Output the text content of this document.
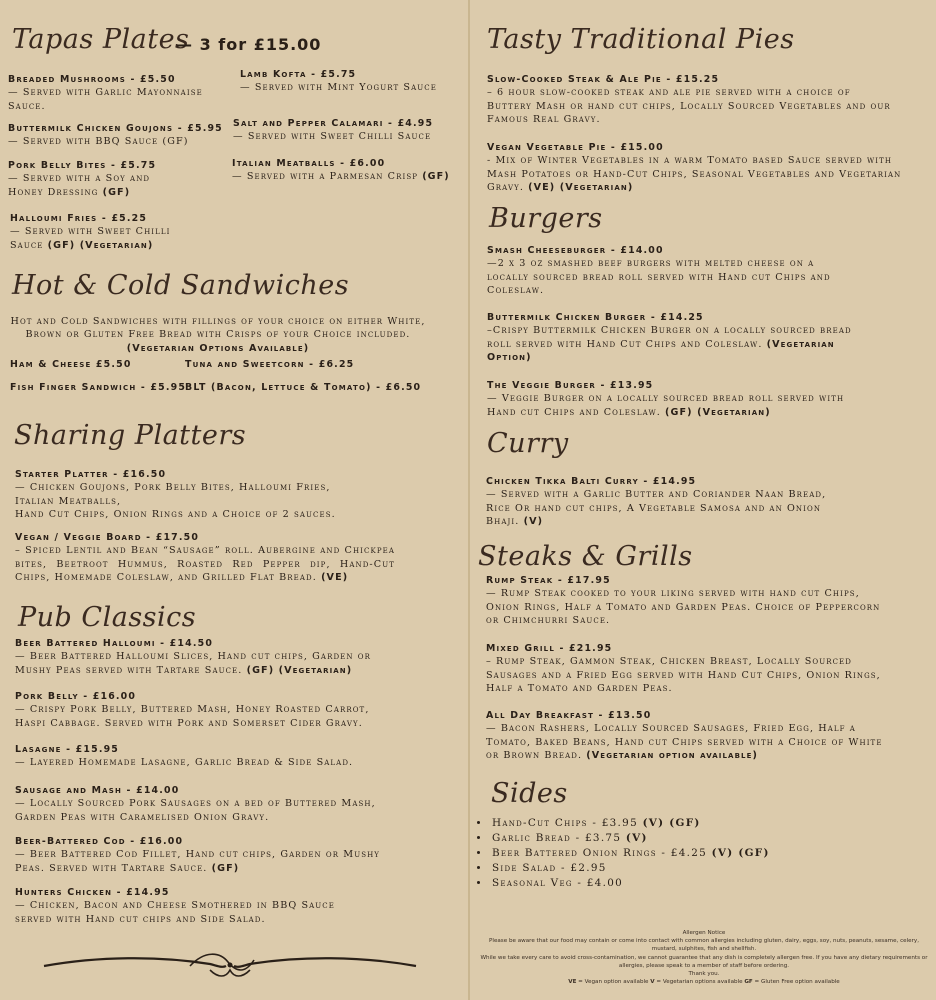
Tapas Plates
— 3 for £15.00
Breaded Mushrooms - £5.50
— Served with Garlic Mayonnaise Sauce.
Buttermilk Chicken Goujons - £5.95
— Served with BBQ Sauce (GF)
Pork Belly Bites - £5.75
— Served with a Soy and Honey Dressing (GF)
Halloumi Fries - £5.25
— Served with Sweet Chilli Sauce (GF) (Vegetarian)
Lamb Kofta - £5.75
— Served with Mint Yogurt Sauce
Salt and Pepper Calamari - £4.95
— Served with Sweet Chilli Sauce
Italian Meatballs - £6.00
— Served with a Parmesan Crisp (GF)
Hot & Cold Sandwiches
Hot and Cold Sandwiches with fillings of your choice on either White, Brown or Gluten Free Bread with Crisps of your Choice included.
(Vegetarian Options Available)
Ham & Cheese £5.50	Tuna and Sweetcorn - £6.25
Fish Finger Sandwich - £5.95
BLT (Bacon, Lettuce & Tomato) - £6.50
Sharing Platters
Starter Platter - £16.50
— Chicken Goujons, Pork Belly Bites, Halloumi Fries, Italian Meatballs,
Hand Cut Chips, Onion Rings and a Choice of 2 sauces.
Vegan / Veggie Board - £17.50
– Spiced Lentil and Bean “Sausage” roll. Aubergine and Chickpea bites, Beetroot Hummus, Roasted Red Pepper dip, Hand-Cut Chips, Homemade Coleslaw, and Grilled Flat Bread. (VE)
Pub Classics
Beer Battered Halloumi - £14.50
— Beer Battered Halloumi Slices, Hand cut chips, Garden or Mushy Peas served with Tartare Sauce. (GF) (Vegetarian)
Pork Belly - £16.00
— Crispy Pork Belly, Buttered Mash, Honey Roasted Carrot, Haspi Cabbage. Served with Pork and Somerset Cider Gravy.
Lasagne - £15.95
— Layered Homemade Lasagne, Garlic Bread & Side Salad.
Sausage and Mash - £14.00
— Locally Sourced Pork Sausages on a bed of Buttered Mash, Garden Peas with Caramelised Onion Gravy.
Beer-Battered Cod - £16.00
— Beer Battered Cod Fillet, Hand cut chips, Garden or Mushy Peas. Served with Tartare Sauce. (GF)
Hunters Chicken - £14.95
— Chicken, Bacon and Cheese Smothered in BBQ Sauce served with Hand cut chips and Side Salad.
Tasty Traditional Pies
Slow-Cooked Steak & Ale Pie - £15.25
– 6 hour slow-cooked steak and ale pie served with a choice of Buttery Mash or hand cut chips, Locally Sourced Vegetables and our Famous Real Gravy.
Vegan Vegetable Pie - £15.00
- Mix of Winter Vegetables in a warm Tomato based Sauce served with Mash Potatoes or Hand-Cut Chips, Seasonal Vegetables and Vegetarian Gravy. (VE) (Vegetarian)
Burgers
Smash Cheeseburger - £14.00
—2 x 3 oz smashed beef burgers with melted cheese on a locally sourced bread roll served with Hand cut Chips and Coleslaw.
Buttermilk Chicken Burger - £14.25
–Crispy Buttermilk Chicken Burger on a locally sourced bread roll served with Hand Cut Chips and Coleslaw. (Vegetarian Option)
The Veggie Burger - £13.95
— Veggie Burger on a locally sourced bread roll served with Hand cut Chips and Coleslaw. (GF) (Vegetarian)
Curry
Chicken Tikka Balti Curry - £14.95
— Served with a Garlic Butter and Coriander Naan Bread, Rice Or hand cut chips, A Vegetable Samosa and an Onion Bhaji. (V)
Steaks & Grills
Rump Steak - £17.95
— Rump Steak cooked to your liking served with hand cut Chips, Onion Rings, Half a Tomato and Garden Peas. Choice of Peppercorn or Chimchurri Sauce.
Mixed Grill - £21.95
– Rump Steak, Gammon Steak, Chicken Breast, Locally Sourced Sausages and a Fried Egg served with Hand Cut Chips, Onion Rings, Half a Tomato and Garden Peas.
All Day Breakfast - £13.50
— Bacon Rashers, Locally Sourced Sausages, Fried Egg, Half a Tomato, Baked Beans, Hand cut Chips served with a Choice of White or Brown Bread. (Vegetarian option available)
Sides
• Hand-Cut Chips - £3.95 (V) (GF)
• Garlic Bread - £3.75 (V)
• Beer Battered Onion Rings - £4.25 (V) (GF)
• Side Salad - £2.95
• Seasonal Veg - £4.00
Allergen Notice
Please be aware that our food may contain or come into contact with common allergies including gluten, dairy, eggs, soy, nuts, peanuts, sesame, celery, mustard, sulphites, fish and shellfish.
While we take every care to avoid cross-contamination, we cannot guarantee that any dish is completely allergen free. If you have any dietary requirements or allergies, please speak to a member of staff before ordering.
Thank you.
VE = Vegan option available V = Vegetarian options available GF = Gluten Free option available
